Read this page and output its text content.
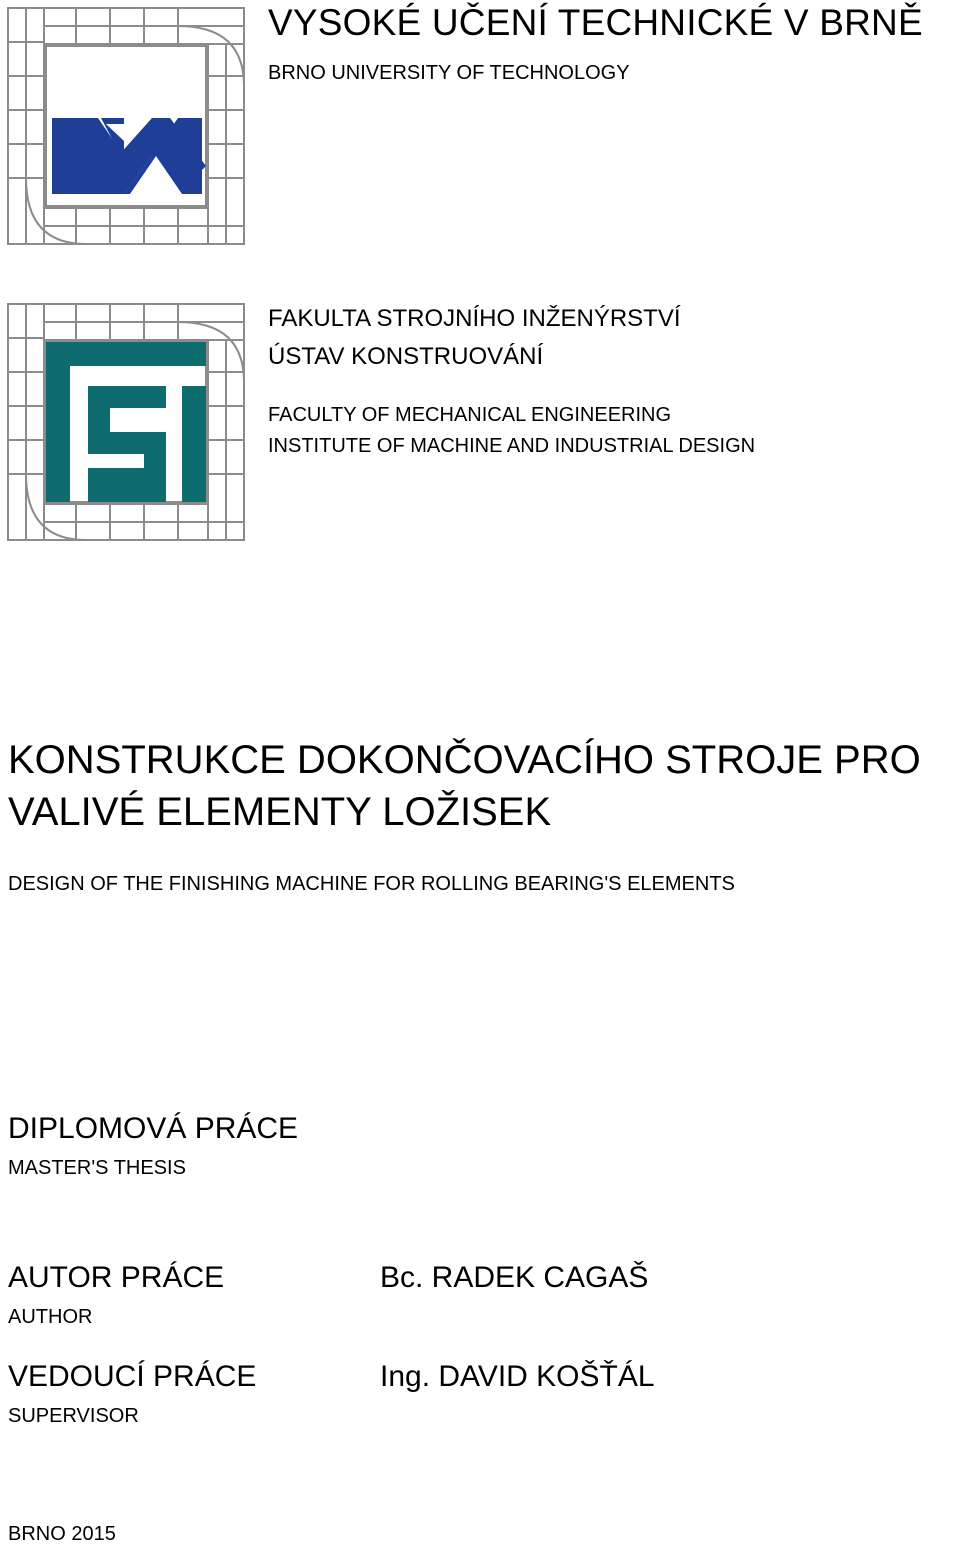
VYSOKÉ UČENÍ TECHNICKÉ V BRNĚ
BRNO UNIVERSITY OF TECHNOLOGY
FAKULTA STROJNÍHO INŽENÝRSTVÍ
ÚSTAV KONSTRUOVÁNÍ
FACULTY OF MECHANICAL ENGINEERING
INSTITUTE OF MACHINE AND INDUSTRIAL DESIGN
KONSTRUKCE DOKONČOVACÍHO STROJE PRO
VALIVÉ ELEMENTY LOŽISEK
DESIGN OF THE FINISHING MACHINE FOR ROLLING BEARING'S ELEMENTS
DIPLOMOVÁ PRÁCE
MASTER'S THESIS
AUTOR PRÁCE
AUTHOR
Bc. RADEK CAGAŠ
VEDOUCÍ PRÁCE
SUPERVISOR
Ing. DAVID KOŠŤÁL
BRNO 2015
